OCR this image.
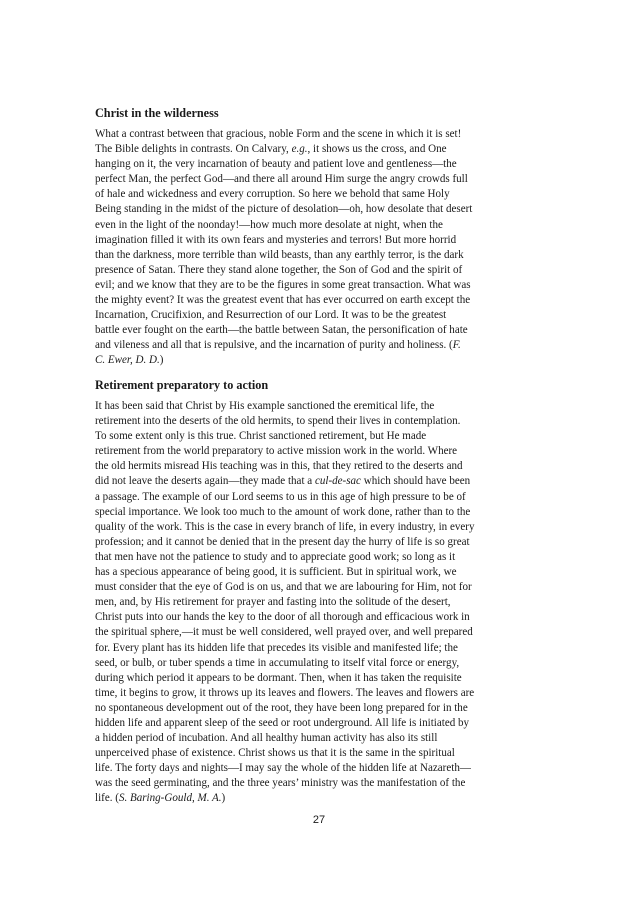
Christ in the wilderness

What a contrast between that gracious, noble Form and the scene in which it is set!
The Bible delights in contrasts. On Calvary, e.g., it shows us the cross, and One
hanging on it, the very incarnation of beauty and patient love and gentleness—the
perfect Man, the perfect God—and there all around Him surge the angry crowds full
of hale and wickedness and every corruption. So here we behold that same Holy
Being standing in the midst of the picture of desolation—oh, how desolate that desert
even in the light of the noonday!—how much more desolate at night, when the
imagination filled it with its own fears and mysteries and terrors! But more horrid
than the darkness, more terrible than wild beasts, than any earthly terror, is the dark
presence of Satan. There they stand alone together, the Son of God and the spirit of
evil; and we know that they are to be the figures in some great transaction. What was
the mighty event? It was the greatest event that has ever occurred on earth except the
Incarnation, Crucifixion, and Resurrection of our Lord. It was to be the greatest
battle ever fought on the earth—the battle between Satan, the personification of hate
and vileness and all that is repulsive, and the incarnation of purity and holiness. (F.
C. Ewer, D. D.)

Retirement preparatory to action

It has been said that Christ by His example sanctioned the eremitical life, the
retirement into the deserts of the old hermits, to spend their lives in contemplation.
To some extent only is this true. Christ sanctioned retirement, but He made
retirement from the world preparatory to active mission work in the world. Where
the old hermits misread His teaching was in this, that they retired to the deserts and
did not leave the deserts again—they made that a cul-de-sac which should have been
a passage. The example of our Lord seems to us in this age of high pressure to be of
special importance. We look too much to the amount of work done, rather than to the
quality of the work. This is the case in every branch of life, in every industry, in every
profession; and it cannot be denied that in the present day the hurry of life is so great
that men have not the patience to study and to appreciate good work; so long as it
has a specious appearance of being good, it is sufficient. But in spiritual work, we
must consider that the eye of God is on us, and that we are labouring for Him, not for
men, and, by His retirement for prayer and fasting into the solitude of the desert,
Christ puts into our hands the key to the door of all thorough and efficacious work in
the spiritual sphere,—it must be well considered, well prayed over, and well prepared
for. Every plant has its hidden life that precedes its visible and manifested life; the
seed, or bulb, or tuber spends a time in accumulating to itself vital force or energy,
during which period it appears to be dormant. Then, when it has taken the requisite
time, it begins to grow, it throws up its leaves and flowers. The leaves and flowers are
no spontaneous development out of the root, they have been long prepared for in the
hidden life and apparent sleep of the seed or root underground. All life is initiated by
a hidden period of incubation. And all healthy human activity has also its still
unperceived phase of existence. Christ shows us that it is the same in the spiritual
life. The forty days and nights—I may say the whole of the hidden life at Nazareth—
was the seed germinating, and the three years’ ministry was the manifestation of the
life. (S. Baring-Gould, M. A.)

27
